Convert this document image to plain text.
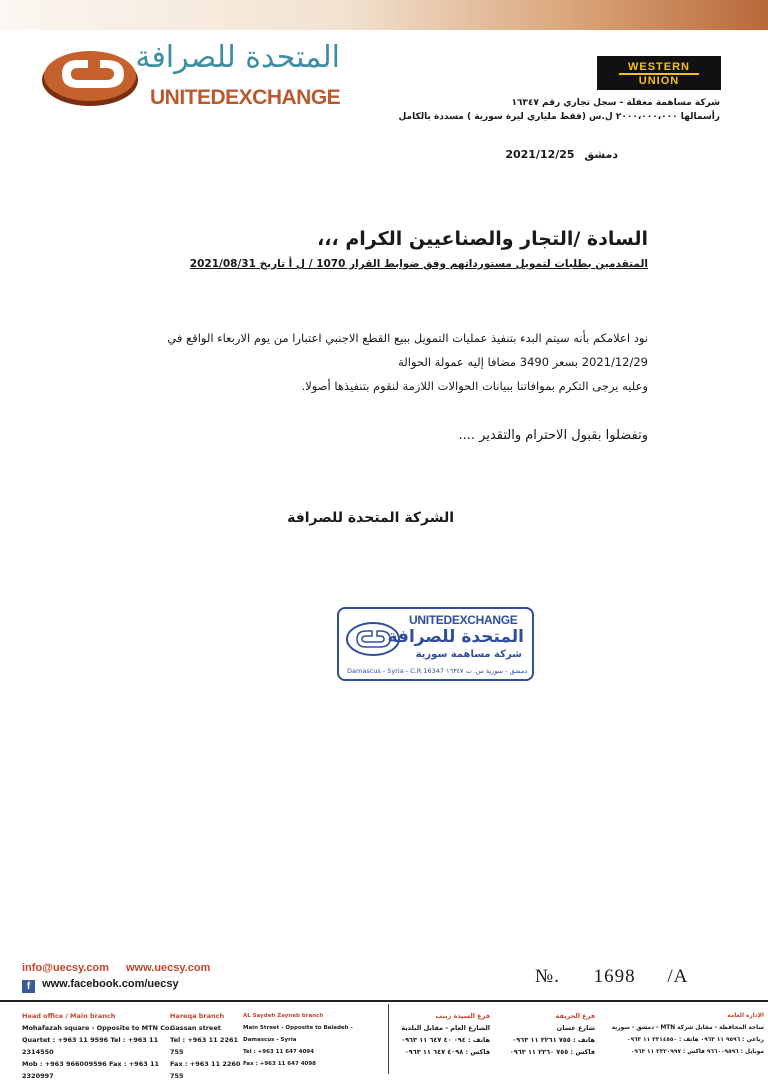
المتحدة للصرافة
UNITEDEXCHANGE
WESTERN
UNION
شركة مساهمة مغفلة - سجل تجاري رقم ١٦٣٤٧
رأسمالها ٢٠٠٠،٠٠٠،٠٠٠ ل.س (فقط ملياري ليرة سورية ) مسددة بالكامل
دمشق 2021/12/25
السادة /التجار والصناعيين الكرام ،،،
المتقدمين بطلبات لتمويل مستورداتهم وفق ضوابط القرار 1070 / ل أ تاريخ 2021/08/31
نود اعلامكم بأنه سيتم البدء بتنفيذ عمليات التمويل ببيع القطع الاجنبي اعتبارا من يوم الاربعاء الواقع في
2021/12/29 بسعر 3490 مضافا إليه عمولة الحوالة
وعليه يرجى التكرم بموافاتنا ببيانات الحوالات اللازمة لنقوم بتنفيذها أصولا.
وتفضلوا بقبول الاحترام والتقدير ....
الشركة المتحدة للصرافة
UNITEDEXCHANGE
المتحدة للصرافة
شركة مساهمة سورية
Damascus - Syria - C.R 16347 دمشق - سورية س. ت ١٦٣٤٧
info@uecsy.com www.uecsy.com
f www.facebook.com/uecsy	№. 1698 /A
Head office / Main branch
Mohafazah square - Opposite to MTN Co.
Quartet : +963 11 9596 Tel : +963 11 2314550
Mob : +963 966009596 Fax : +963 11 2320997
Hareqa branch
Gassan street
Tel : +963 11 2261 755
Fax : +963 11 2260 755
AL Saydeh Zayneb branch
Main Street - Opposite to Baladeh - Damascus - Syria
Tel : +963 11 647 4094
Fax : +963 11 647 4098
فرع السيدة زينب
الشارع العام - مقابل البلدية
هاتف : ٠٩٤ ٤٠ ٦٤٧ ١١ ٠٩٦٣
فاكس : ٤٠٩٨ ٦٤٧ ١١ ٠٩٦٣
فرع الحريقة
شارع غسان
هاتف : ٧٥٥ ٢٢٦١ ١١ ٠٩٦٣
فاكس : ٧٥٥ ٢٢٦٠ ١١ ٠٩٦٣
الإدارة العامة
ساحة المحافظة - مقابل شركة MTN - دمشق - سورية
رباعي : ٩٥٩٦ ١١ ٠٩٦٣ هاتف : ٢٣١٤٥٥٠ ١١ ٠٩٦٣
موبايل : ٩٦٦٠٠٩٥٩٦ فاكس : ٢٣٢٠٩٩٧ ١١ ٠٩٦٣
